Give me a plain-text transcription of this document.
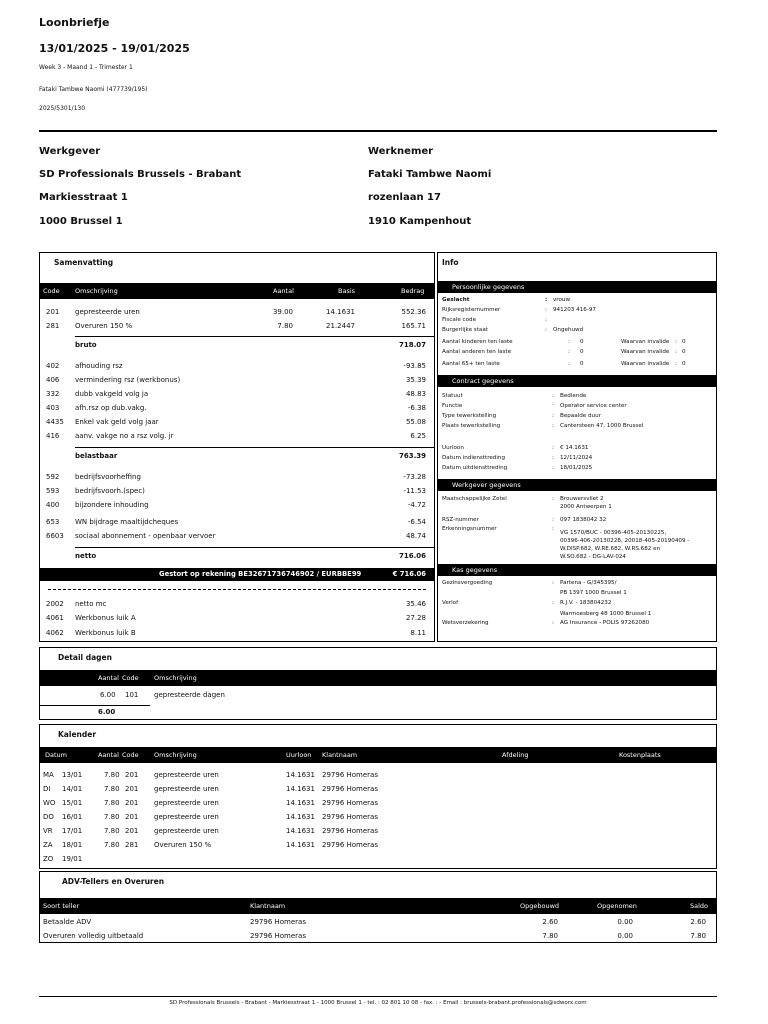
Loonbriefje
13/01/2025 - 19/01/2025
Week 3 - Maand 1 - Trimester 1
Fataki Tambwe Naomi (477739/195)
2025/5301/130
Werkgever
SD Professionals Brussels - Brabant
Markiesstraat 1
1000 Brussel 1
Werknemer
Fataki Tambwe Naomi
rozenlaan 17
1910 Kampenhout
Samenvatting
Code Omschrijving	Aantal	Basis	Bedrag
201 gepresteerde uren	39.00	14.1631	552.36
281 Overuren 150 %	7.80	21.2447	165.71
bruto	718.07
402 afhouding rsz	-93.85
406 vermindering rsz (werkbonus)	35.39
332 dubb vakgeld volg ja	48.83
403 afh.rsz op dub.vakg.	-6.38
4435 Enkel vak geld volg jaar	55.08
416 aanv. vakge no a rsz volg. jr	6.25
belastbaar	763.39
592 bedrijfsvoorheffing	-73.28
593 bedrijfsvoorh.(spec)	-11.53
400 bijzondere inhouding	-4.72
653 WN bijdrage maaltijdcheques	-6.54
6603 sociaal abonnement - openbaar vervoer	48.74
netto	716.06
Gestort op rekening BE32671736746902 / EURBBE99	€ 716.06
2002 netto mc	35.46
4061 Werkbonus luik A	27.28
4062 Werkbonus luik B	8.11
Info
Persoonlijke gegevens
Geslacht	: vrouw
Rijksregisternummer	: 941203 416-97
Fiscale code	:
Burgerlijke staat	: Ongehuwd
Aantal kinderen ten laste	: 0	Waarvan invalide : 0
Aantal anderen ten laste	: 0	Waarvan invalide : 0
Aantal 65+ ten laste	: 0	Waarvan invalide : 0
Contract gegevens
Statuut	: Bediende
Functie	: Operator service center
Type tewerkstelling	: Bepaalde duur
Plaats tewerkstelling	: Cantersteen 47, 1000 Brussel
Uurloon	: € 14.1631
Datum indiensttreding	: 12/11/2024
Datum uitdiensttreding	: 18/01/2025
Werkgever gegevens
Maatschappelijke Zetel	: Brouwersvliet 2
2000 Antwerpen 1
RSZ-nummer	: 097 1838042 32
Erkenningsnummer	:
VG 1570/BUC - 00396-405-20130225,
00396-406-20130228, 20018-405-20190409 -
W.DISP.682, W.RE.682, W.RS.682 en
W.SO.682 - DG-LAV-024
Kas gegevens
Gezinsvergoeding	: Partena - G/345395/
PB 1397 1000 Brussel 1
Verlof	: R.J.V. - 183804232
Warmoesberg 48 1000 Brussel 1
Wetsverzekering	: AG Insurance - POLIS 97262080
Detail dagen
Aantal Code Omschrijving
6.00 101 gepresteerde dagen
6.00
Kalender
Datum	Aantal Code Omschrijving	Uurloon Klantnaam	Afdeling	Kostenplaats
MA 13/01	7.80 201 gepresteerde uren	14.1631 29796 Homeras
DI 14/01	7.80 201 gepresteerde uren	14.1631 29796 Homeras
WO 15/01	7.80 201 gepresteerde uren	14.1631 29796 Homeras
DO 16/01	7.80 201 gepresteerde uren	14.1631 29796 Homeras
VR 17/01	7.80 201 gepresteerde uren	14.1631 29796 Homeras
ZA 18/01	7.80 281 Overuren 150 %	14.1631 29796 Homeras
ZO 19/01
ADV-Tellers en Overuren
Soort teller	Klantnaam	Opgebouwd	Opgenomen	Saldo
Betaalde ADV	29796 Homeras	2.60	0.00	2.60
Overuren volledig uitbetaald	29796 Homeras	7.80	0.00	7.80
SD Professionals Brussels - Brabant - Markiesstraat 1 - 1000 Brussel 1 - tel. : 02 801 10 08 - fax. : - Email : brussels-brabant.professionals@sdworx.com
